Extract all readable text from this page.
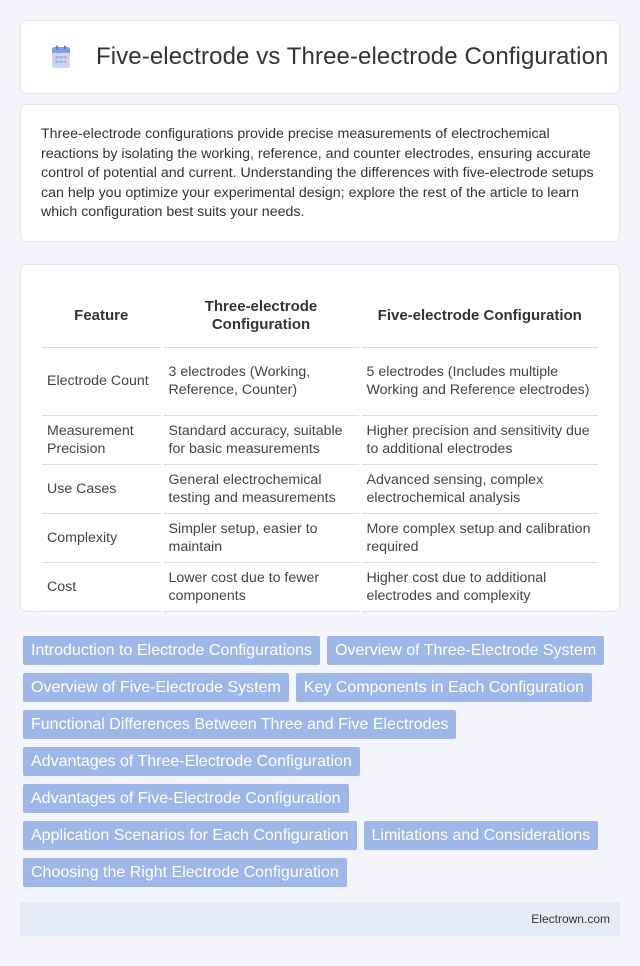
Five-electrode vs Three-electrode Configuration

Three-electrode configurations provide precise measurements of electrochemical reactions by isolating the working, reference, and counter electrodes, ensuring accurate control of potential and current. Understanding the differences with five-electrode setups can help you optimize your experimental design; explore the rest of the article to learn which configuration best suits your needs.

Feature	Three-electrode Configuration	Five-electrode Configuration
Electrode Count	3 electrodes (Working, Reference, Counter)	5 electrodes (Includes multiple Working and Reference electrodes)
Measurement Precision	Standard accuracy, suitable for basic measurements	Higher precision and sensitivity due to additional electrodes
Use Cases	General electrochemical testing and measurements	Advanced sensing, complex electrochemical analysis
Complexity	Simpler setup, easier to maintain	More complex setup and calibration required
Cost	Lower cost due to fewer components	Higher cost due to additional electrodes and complexity
Introduction to Electrode Configurations	Overview of Three-Electrode System
Overview of Five-Electrode System	Key Components in Each Configuration
Functional Differences Between Three and Five Electrodes
Advantages of Three-Electrode Configuration
Advantages of Five-Electrode Configuration
Application Scenarios for Each Configuration	Limitations and Considerations
Choosing the Right Electrode Configuration
Electrown.com
